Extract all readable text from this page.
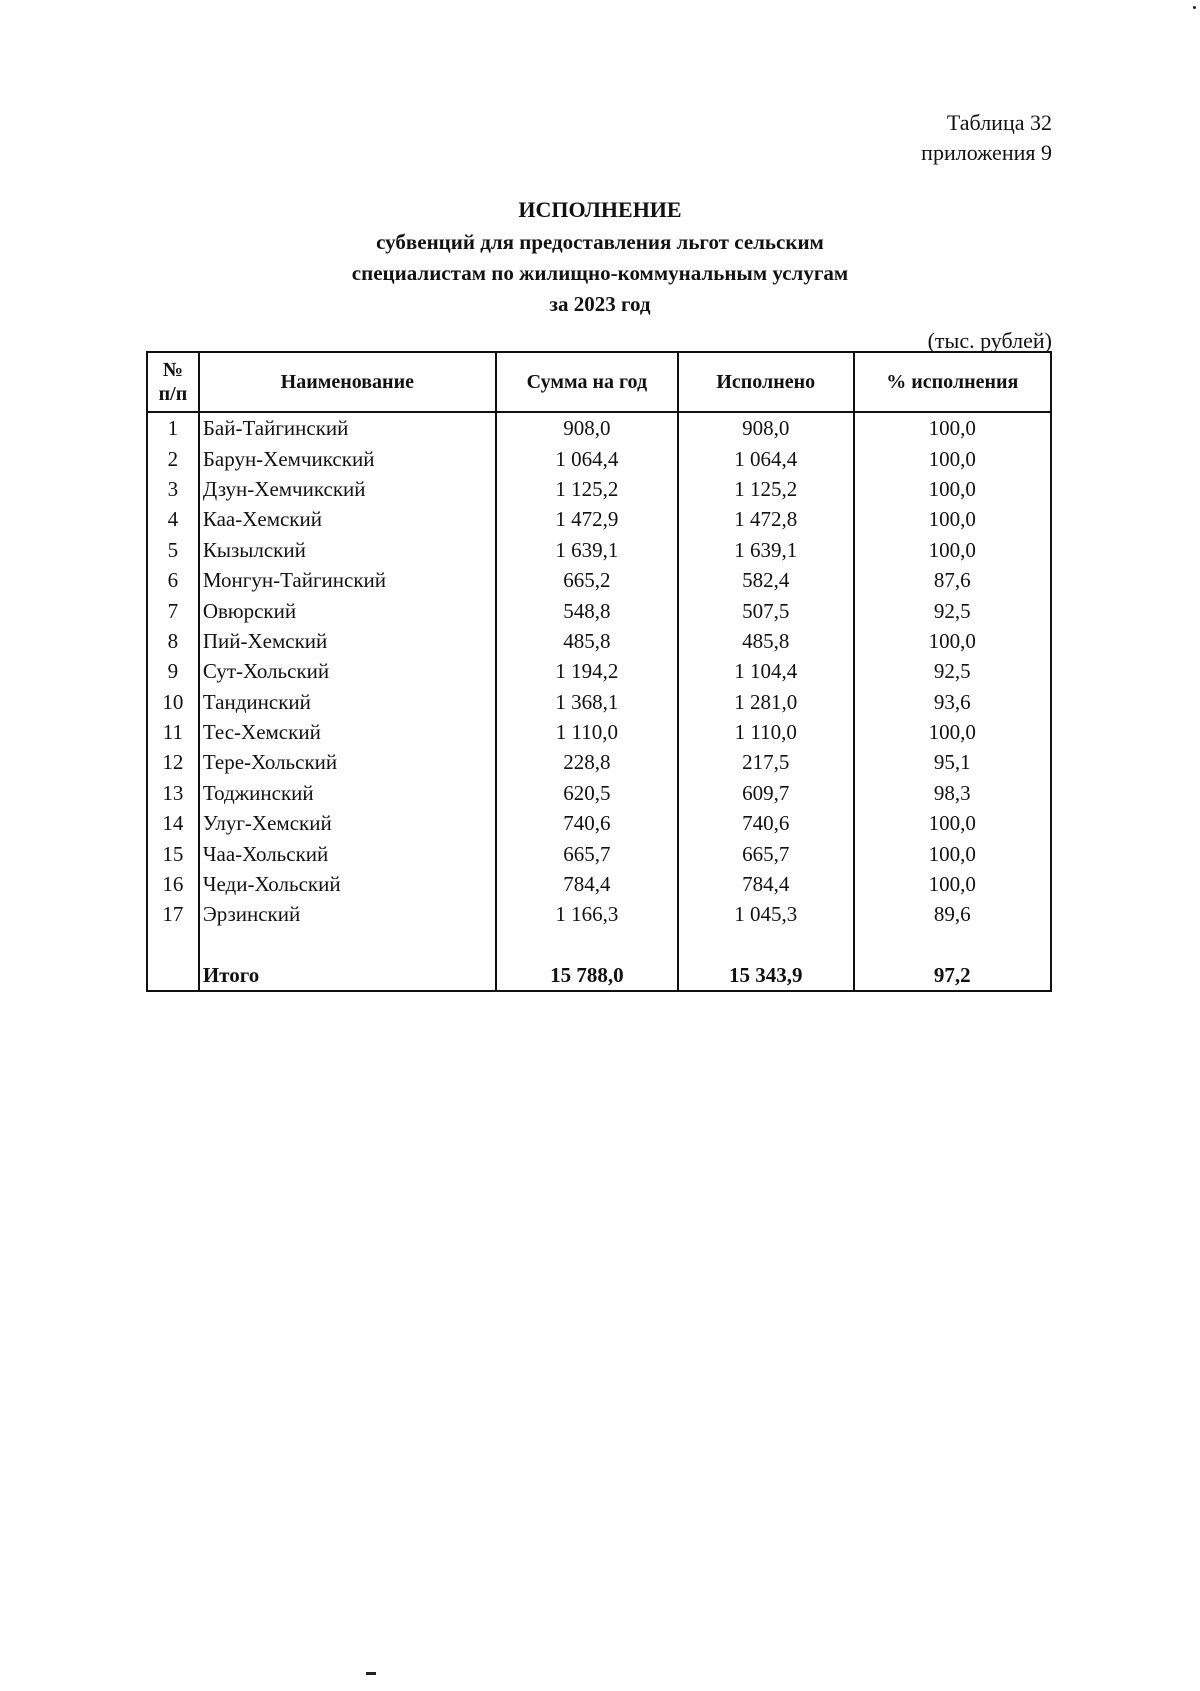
Таблица 32
приложения 9
ИСПОЛНЕНИЕ
субвенций для предоставления льгот сельским
специалистам по жилищно-коммунальным услугам
за 2023 год
(тыс. рублей)
№
п/п	Наименование	Сумма на год	Исполнено	% исполнения
1	Бай-Тайгинский	908,0	908,0	100,0
2	Барун-Хемчикский	1 064,4	1 064,4	100,0
3	Дзун-Хемчикский	1 125,2	1 125,2	100,0
4	Каа-Хемский	1 472,9	1 472,8	100,0
5	Кызылский	1 639,1	1 639,1	100,0
6	Монгун-Тайгинский	665,2	582,4	87,6
7	Овюрский	548,8	507,5	92,5
8	Пий-Хемский	485,8	485,8	100,0
9	Сут-Хольский	1 194,2	1 104,4	92,5
10	Тандинский	1 368,1	1 281,0	93,6
11	Тес-Хемский	1 110,0	1 110,0	100,0
12	Тере-Хольский	228,8	217,5	95,1
13	Тоджинский	620,5	609,7	98,3
14	Улуг-Хемский	740,6	740,6	100,0
15	Чаа-Хольский	665,7	665,7	100,0
16	Чеди-Хольский	784,4	784,4	100,0
17	Эрзинский	1 166,3	1 045,3	89,6

	Итого	15 788,0	15 343,9	97,2
